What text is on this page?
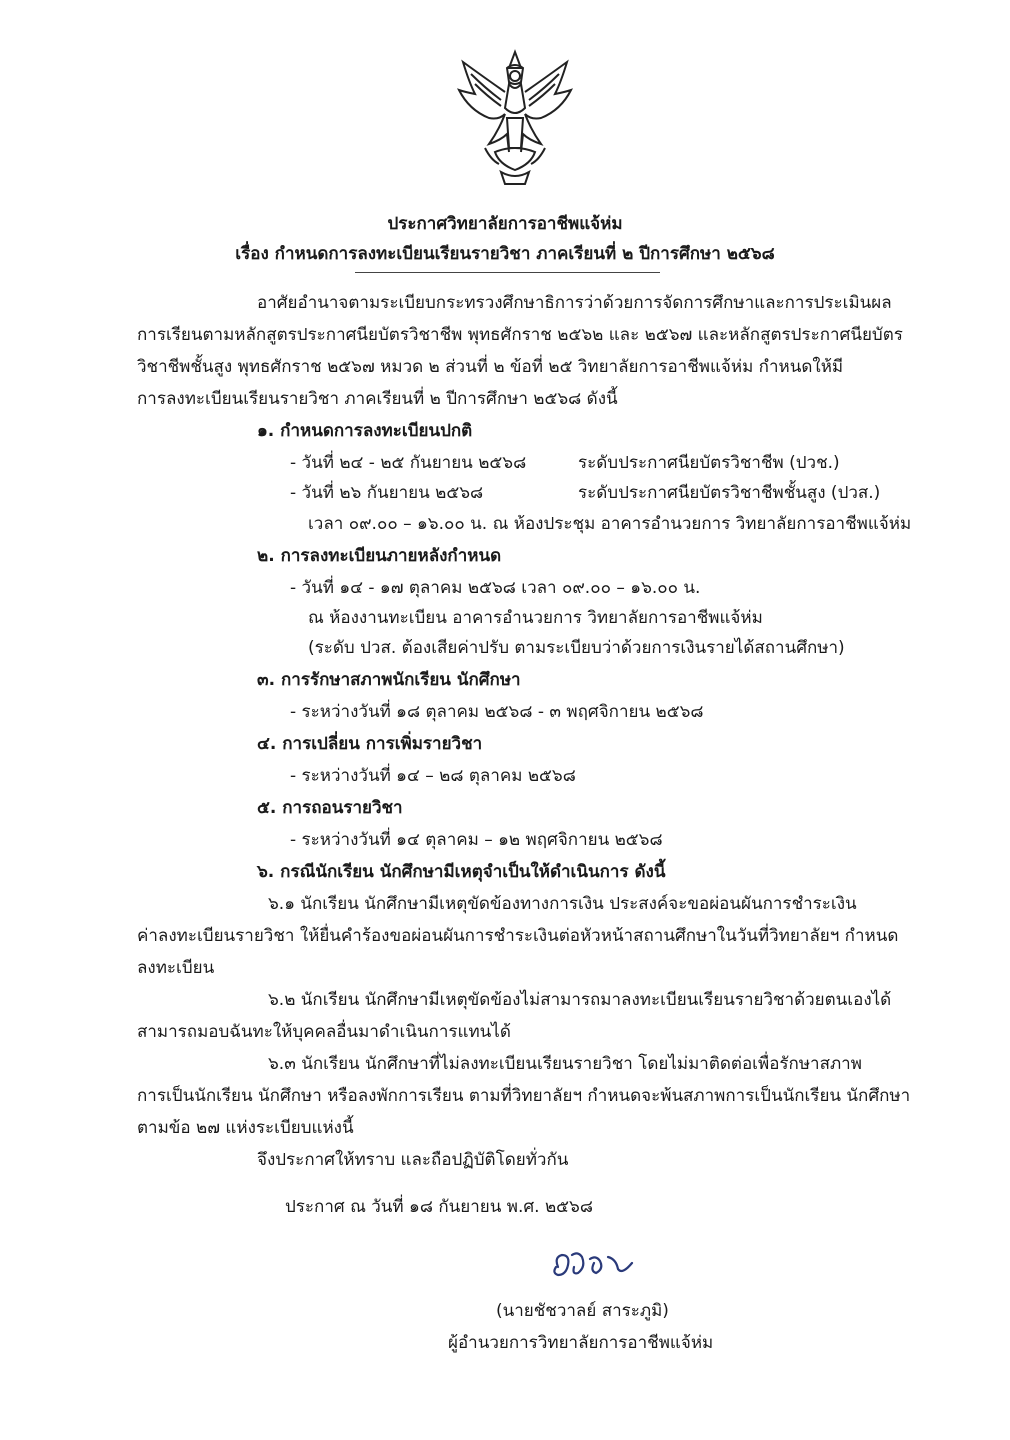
ประกาศวิทยาลัยการอาชีพแจ้ห่ม
เรื่อง กำหนดการลงทะเบียนเรียนรายวิชา ภาคเรียนที่ ๒ ปีการศึกษา ๒๕๖๘
อาศัยอำนาจตามระเบียบกระทรวงศึกษาธิการว่าด้วยการจัดการศึกษาและการประเมินผล
การเรียนตามหลักสูตรประกาศนียบัตรวิชาชีพ พุทธศักราช ๒๕๖๒ และ ๒๕๖๗ และหลักสูตรประกาศนียบัตร
วิชาชีพชั้นสูง พุทธศักราช ๒๕๖๗ หมวด ๒ ส่วนที่ ๒ ข้อที่ ๒๕ วิทยาลัยการอาชีพแจ้ห่ม กำหนดให้มี
การลงทะเบียนเรียนรายวิชา ภาคเรียนที่ ๒ ปีการศึกษา ๒๕๖๘ ดังนี้
๑. กำหนดการลงทะเบียนปกติ
- วันที่ ๒๔ - ๒๕ กันยายน ๒๕๖๘	ระดับประกาศนียบัตรวิชาชีพ (ปวช.)
- วันที่ ๒๖ กันยายน ๒๕๖๘	ระดับประกาศนียบัตรวิชาชีพชั้นสูง (ปวส.)
เวลา ๐๙.๐๐ – ๑๖.๐๐ น. ณ ห้องประชุม อาคารอำนวยการ วิทยาลัยการอาชีพแจ้ห่ม
๒. การลงทะเบียนภายหลังกำหนด
- วันที่ ๑๔ - ๑๗ ตุลาคม ๒๕๖๘ เวลา ๐๙.๐๐ – ๑๖.๐๐ น.
ณ ห้องงานทะเบียน อาคารอำนวยการ วิทยาลัยการอาชีพแจ้ห่ม
(ระดับ ปวส. ต้องเสียค่าปรับ ตามระเบียบว่าด้วยการเงินรายได้สถานศึกษา)
๓. การรักษาสภาพนักเรียน นักศึกษา
- ระหว่างวันที่ ๑๘ ตุลาคม ๒๕๖๘ - ๓ พฤศจิกายน ๒๕๖๘
๔. การเปลี่ยน การเพิ่มรายวิชา
- ระหว่างวันที่ ๑๔ – ๒๘ ตุลาคม ๒๕๖๘
๕. การถอนรายวิชา
- ระหว่างวันที่ ๑๔ ตุลาคม – ๑๒ พฤศจิกายน ๒๕๖๘
๖. กรณีนักเรียน นักศึกษามีเหตุจำเป็นให้ดำเนินการ ดังนี้
๖.๑ นักเรียน นักศึกษามีเหตุขัดข้องทางการเงิน ประสงค์จะขอผ่อนผันการชำระเงิน
ค่าลงทะเบียนรายวิชา ให้ยื่นคำร้องขอผ่อนผันการชำระเงินต่อหัวหน้าสถานศึกษาในวันที่วิทยาลัยฯ กำหนด
ลงทะเบียน
๖.๒ นักเรียน นักศึกษามีเหตุขัดข้องไม่สามารถมาลงทะเบียนเรียนรายวิชาด้วยตนเองได้
สามารถมอบฉันทะให้บุคคลอื่นมาดำเนินการแทนได้
๖.๓ นักเรียน นักศึกษาที่ไม่ลงทะเบียนเรียนรายวิชา โดยไม่มาติดต่อเพื่อรักษาสภาพ
การเป็นนักเรียน นักศึกษา หรือลงพักการเรียน ตามที่วิทยาลัยฯ กำหนดจะพ้นสภาพการเป็นนักเรียน นักศึกษา
ตามข้อ ๒๗ แห่งระเบียบแห่งนี้
จึงประกาศให้ทราบ และถือปฏิบัติโดยทั่วกัน
ประกาศ ณ วันที่ ๑๘ กันยายน พ.ศ. ๒๕๖๘
(นายชัชวาลย์ สาระภูมิ)
ผู้อำนวยการวิทยาลัยการอาชีพแจ้ห่ม
